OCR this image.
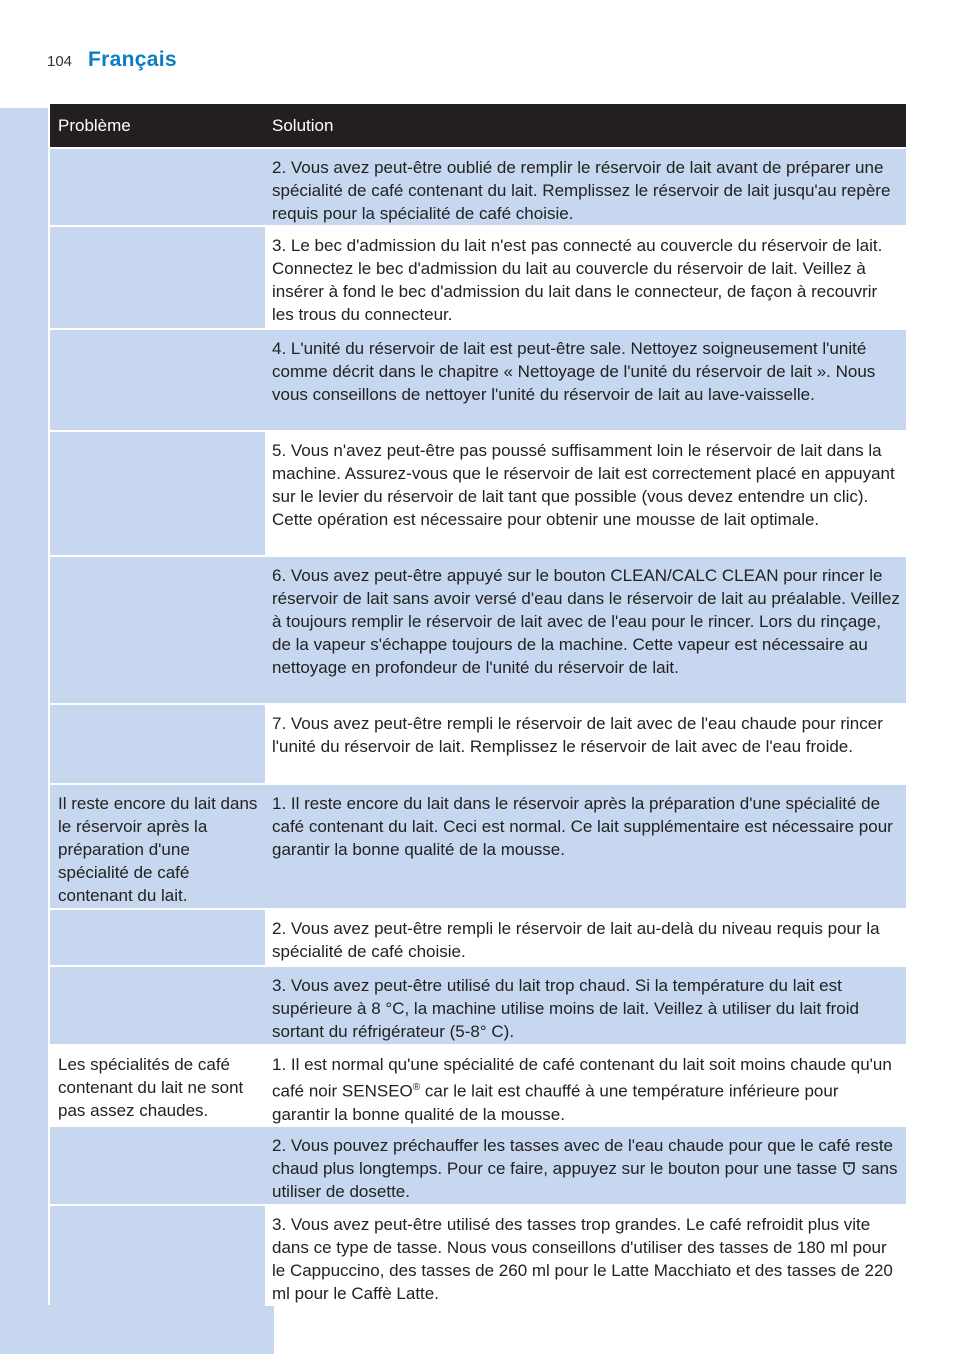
104 Français
Problème	Solution
2. Vous avez peut-être oublié de remplir le réservoir de lait avant de préparer une spécialité de café contenant du lait. Remplissez le réservoir de lait jusqu'au repère requis pour la spécialité de café choisie.
3. Le bec d'admission du lait n'est pas connecté au couvercle du réservoir de lait. Connectez le bec d'admission du lait au couvercle du réservoir de lait. Veillez à insérer à fond le bec d'admission du lait dans le connecteur, de façon à recouvrir les trous du connecteur.
4. L'unité du réservoir de lait est peut-être sale. Nettoyez soigneusement l'unité comme décrit dans le chapitre « Nettoyage de l'unité du réservoir de lait ». Nous vous conseillons de nettoyer l'unité du réservoir de lait au lave-vaisselle.
5. Vous n'avez peut-être pas poussé suffisamment loin le réservoir de lait dans la machine. Assurez-vous que le réservoir de lait est correctement placé en appuyant sur le levier du réservoir de lait tant que possible (vous devez entendre un clic). Cette opération est nécessaire pour obtenir une mousse de lait optimale.
6. Vous avez peut-être appuyé sur le bouton CLEAN/CALC CLEAN pour rincer le réservoir de lait sans avoir versé d'eau dans le réservoir de lait au préalable. Veillez à toujours remplir le réservoir de lait avec de l'eau pour le rincer. Lors du rinçage, de la vapeur s'échappe toujours de la machine. Cette vapeur est nécessaire au nettoyage en profondeur de l'unité du réservoir de lait.
7. Vous avez peut-être rempli le réservoir de lait avec de l'eau chaude pour rincer l'unité du réservoir de lait. Remplissez le réservoir de lait avec de l'eau froide.
Il reste encore du lait dans le réservoir après la préparation d'une spécialité de café contenant du lait.
1. Il reste encore du lait dans le réservoir après la préparation d'une spécialité de café contenant du lait. Ceci est normal. Ce lait supplémentaire est nécessaire pour garantir la bonne qualité de la mousse.
2. Vous avez peut-être rempli le réservoir de lait au-delà du niveau requis pour la spécialité de café choisie.
3. Vous avez peut-être utilisé du lait trop chaud. Si la température du lait est supérieure à 8 °C, la machine utilise moins de lait. Veillez à utiliser du lait froid sortant du réfrigérateur (5-8° C).
Les spécialités de café contenant du lait ne sont pas assez chaudes.
1. Il est normal qu'une spécialité de café contenant du lait soit moins chaude qu'un café noir SENSEO® car le lait est chauffé à une température inférieure pour garantir la bonne qualité de la mousse.
2. Vous pouvez préchauffer les tasses avec de l'eau chaude pour que le café reste chaud plus longtemps. Pour ce faire, appuyez sur le bouton pour une tasse  sans utiliser de dosette.
3. Vous avez peut-être utilisé des tasses trop grandes. Le café refroidit plus vite dans ce type de tasse. Nous vous conseillons d'utiliser des tasses de 180 ml pour le Cappuccino, des tasses de 260 ml pour le Latte Macchiato et des tasses de 220 ml pour le Caffè Latte.
